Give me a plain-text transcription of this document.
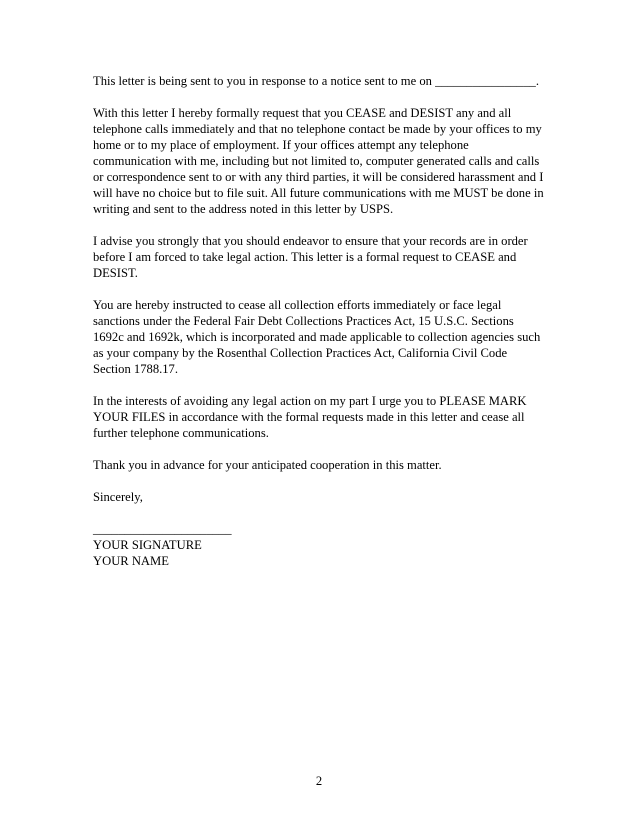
This letter is being sent to you in response to a notice sent to me on ________________.

With this letter I hereby formally request that you CEASE and DESIST any and all
telephone calls immediately and that no telephone contact be made by your offices to my
home or to my place of employment. If your offices attempt any telephone
communication with me, including but not limited to, computer generated calls and calls
or correspondence sent to or with any third parties, it will be considered harassment and I
will have no choice but to file suit. All future communications with me MUST be done in
writing and sent to the address noted in this letter by USPS.

I advise you strongly that you should endeavor to ensure that your records are in order
before I am forced to take legal action. This letter is a formal request to CEASE and
DESIST.

You are hereby instructed to cease all collection efforts immediately or face legal
sanctions under the Federal Fair Debt Collections Practices Act, 15 U.S.C. Sections
1692c and 1692k, which is incorporated and made applicable to collection agencies such
as your company by the Rosenthal Collection Practices Act, California Civil Code
Section 1788.17.

In the interests of avoiding any legal action on my part I urge you to PLEASE MARK
YOUR FILES in accordance with the formal requests made in this letter and cease all
further telephone communications.

Thank you in advance for your anticipated cooperation in this matter.

Sincerely,

______________________
YOUR SIGNATURE
YOUR NAME
2
